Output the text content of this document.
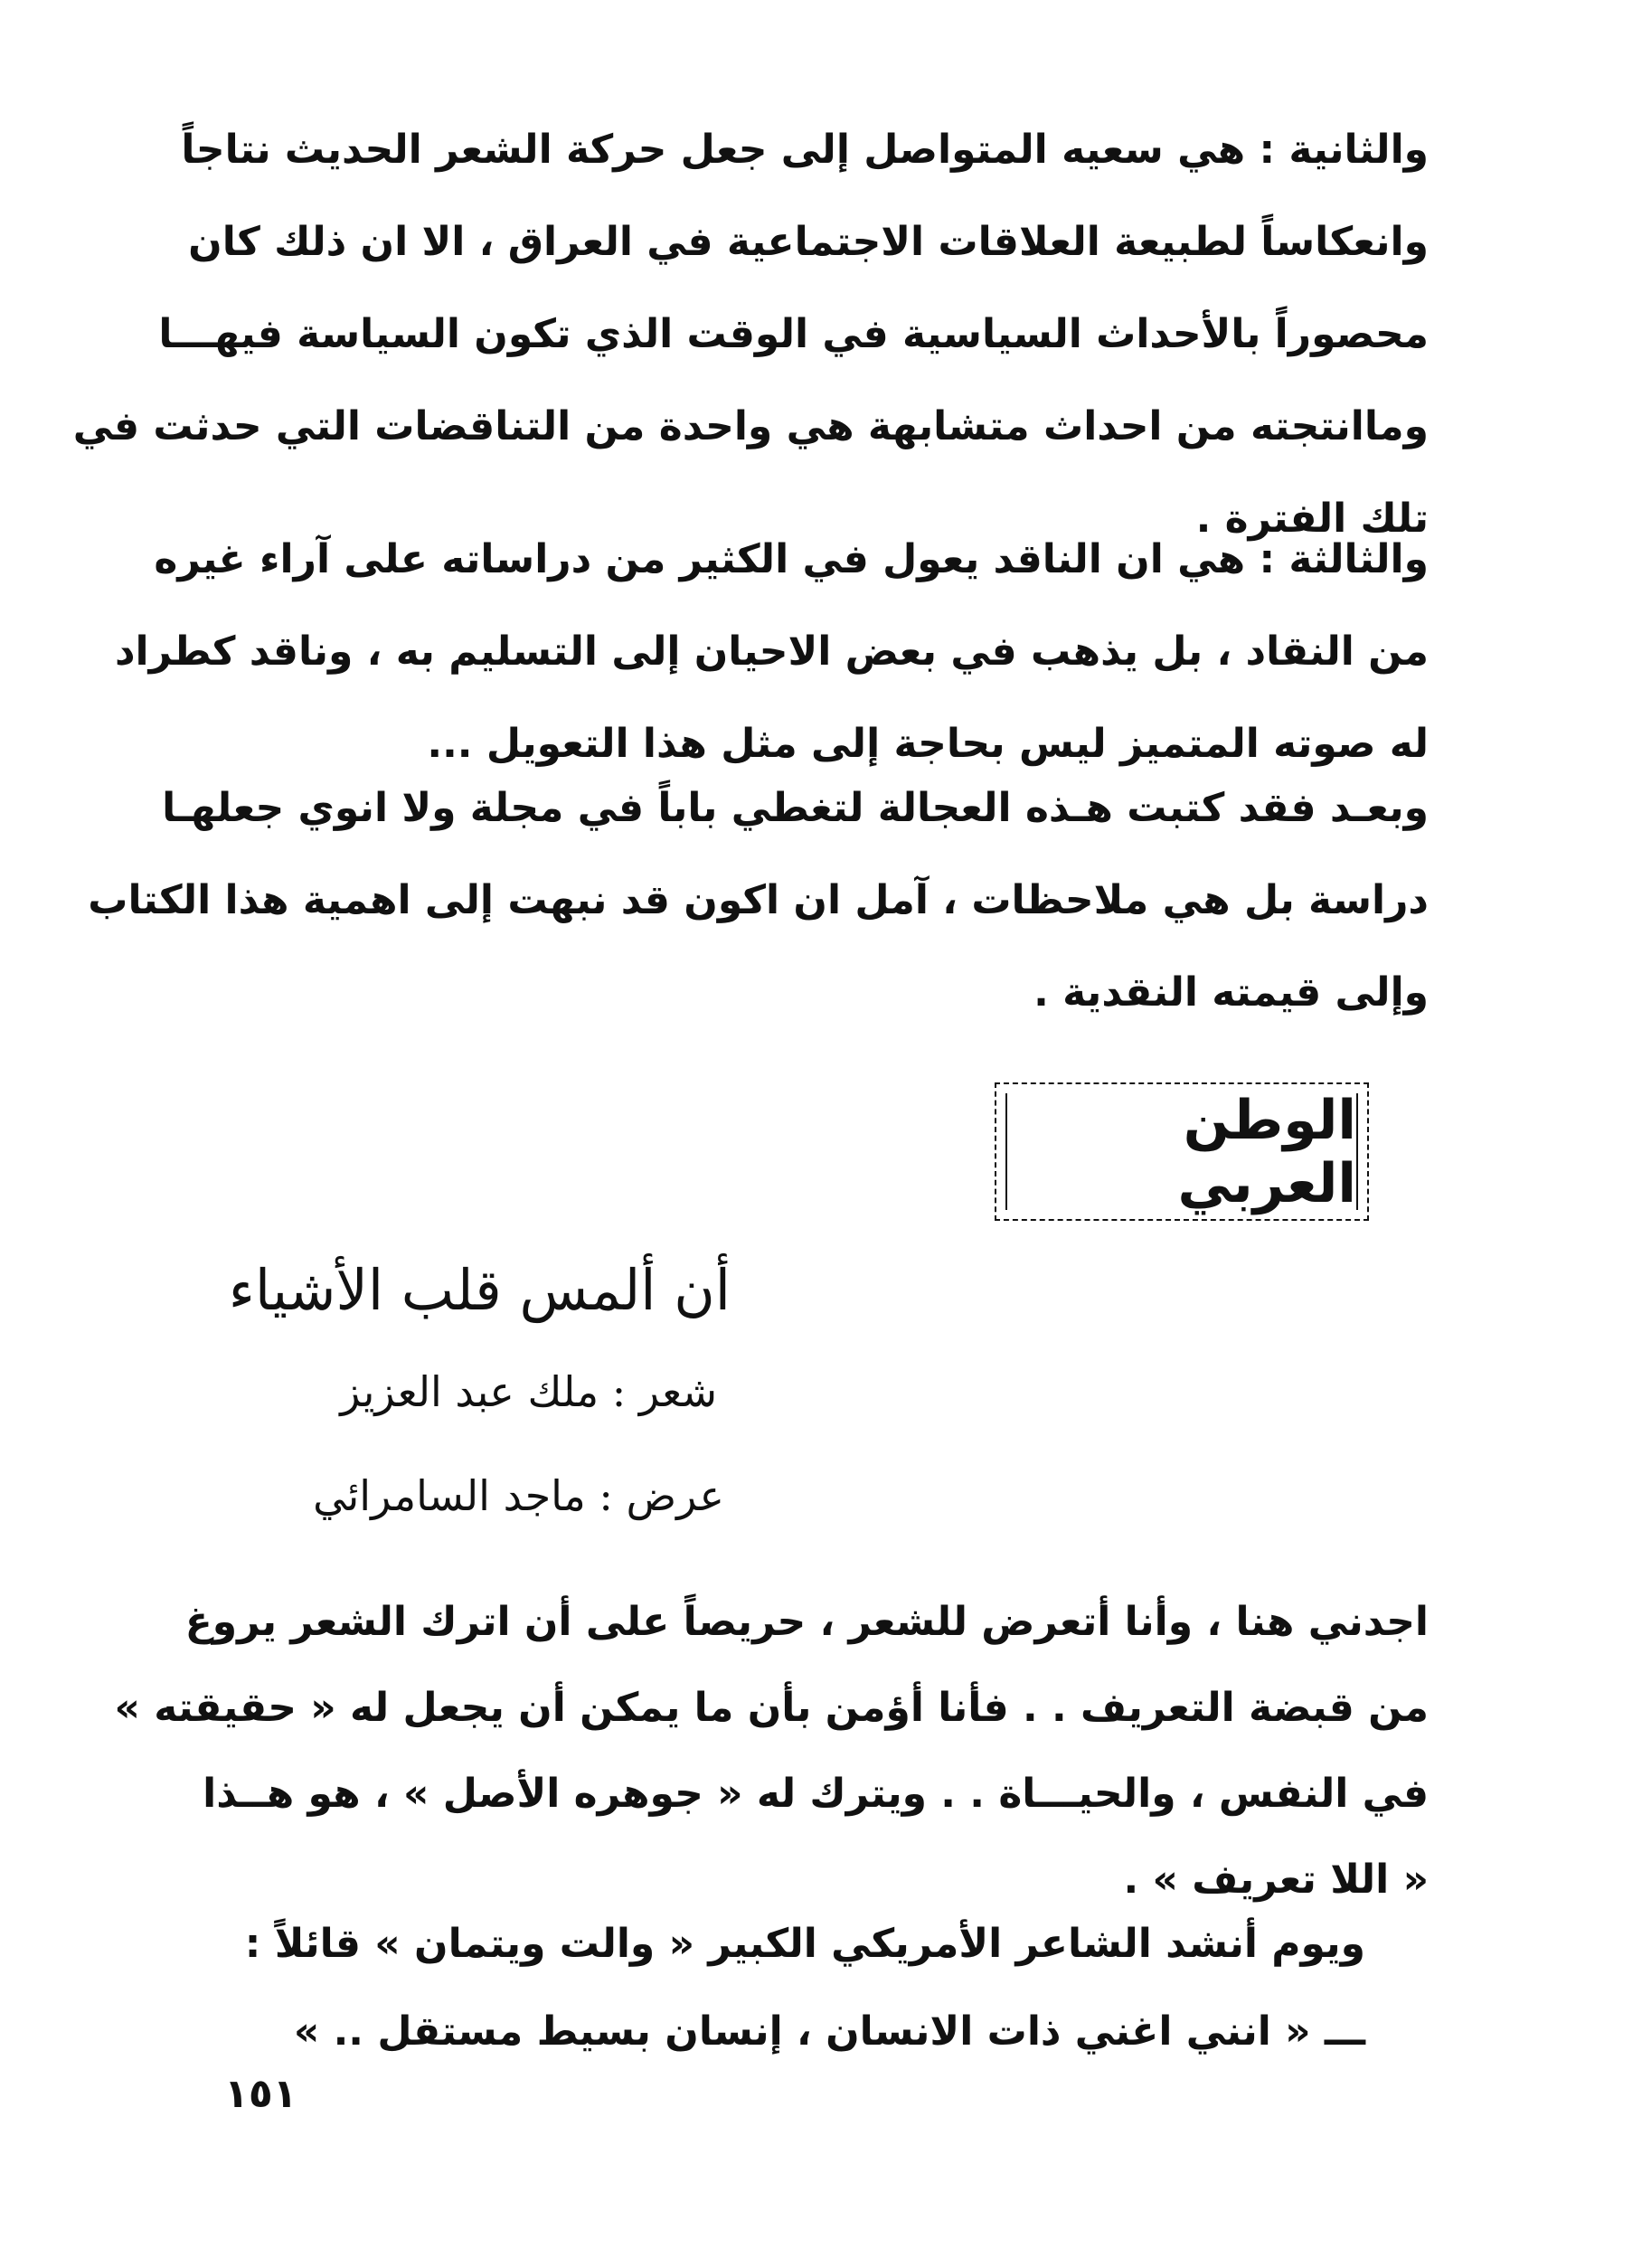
والثانية : هي سعيه المتواصل إلى جعل حركة الشعر الحديث نتاجاً
وانعكاساً لطبيعة العلاقات الاجتماعية في العراق ، الا ان ذلك كان
محصوراً بالأحداث السياسية في الوقت الذي تكون السياسة فيهـــا
وماانتجته من احداث متشابهة هي واحدة من التناقضات التي حدثت في
تلك الفترة .
والثالثة : هي ان الناقد يعول في الكثير من دراساته على آراء غيره
من النقاد ، بل يذهب في بعض الاحيان إلى التسليم به ، وناقد كطراد
له صوته المتميز ليس بحاجة إلى مثل هذا التعويل ...
وبعـد فقد كتبت هـذه العجالة لتغطي باباً في مجلة ولا انوي جعلهـا
دراسة بل هي ملاحظات ، آمل ان اكون قد نبهت إلى اهمية هذا الكتاب
وإلى قيمته النقدية .
الوطن العربي
أن ألمس قلب الأشياء
شعر : ملك عبد العزيز
عرض : ماجد السامرائي
اجدني هنا ، وأنا أتعرض للشعر ، حريصاً على أن اترك الشعر يروغ
من قبضة التعريف . . فأنا أؤمن بأن ما يمكن أن يجعل له « حقيقته »
في النفس ، والحيـــاة . . ويترك له « جوهره الأصل » ، هو هــذا
« اللا تعريف » .
ويوم أنشد الشاعر الأمريكي الكبير « والت ويتمان » قائلاً :
ـــ « انني اغني ذات الانسان ، إنسان بسيط مستقل .. »
١٥١
